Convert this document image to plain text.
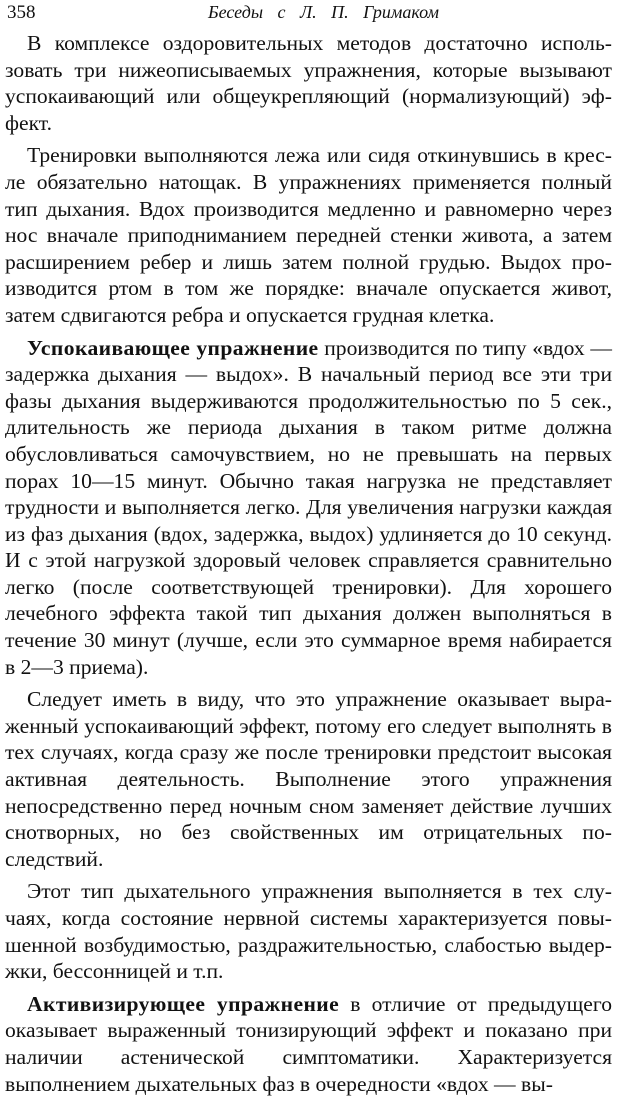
358	Беседы с Л. П. Гримаком

В комплексе оздоровительных методов достаточно использовать три нижеописываемых упражнения, которые вызывают успокаивающий или общеукрепляющий (нормализующий) эффект.

Тренировки выполняются лежа или сидя откинувшись в кресле обязательно натощак. В упражнениях применяется полный тип дыхания. Вдох производится медленно и равномерно через нос вначале приподниманием передней стенки живота, а затем расширением ребер и лишь затем полной грудью. Выдох производится ртом в том же порядке: вначале опускается живот, затем сдвигаются ребра и опускается грудная клетка.

Успокаивающее упражнение производится по типу «вдох — задержка дыхания — выдох». В начальный период все эти три фазы дыхания выдерживаются продолжительностью по 5 сек., длительность же периода дыхания в таком ритме должна обусловливаться самочувствием, но не превышать на первых порах 10—15 минут. Обычно такая нагрузка не представляет трудности и выполняется легко. Для увеличения нагрузки каждая из фаз дыхания (вдох, задержка, выдох) удлиняется до 10 секунд. И с этой нагрузкой здоровый человек справляется сравнительно легко (после соответствующей тренировки). Для хорошего лечебного эффекта такой тип дыхания должен выполняться в течение 30 минут (лучше, если это суммарное время набирается в 2—3 приема).

Следует иметь в виду, что это упражнение оказывает выраженный успокаивающий эффект, потому его следует выполнять в тех случаях, когда сразу же после тренировки предстоит высокая активная деятельность. Выполнение этого упражнения непосредственно перед ночным сном заменяет действие лучших снотворных, но без свойственных им отрицательных последствий.

Этот тип дыхательного упражнения выполняется в тех случаях, когда состояние нервной системы характеризуется повышенной возбудимостью, раздражительностью, слабостью выдержки, бессонницей и т.п.

Активизирующее упражнение в отличие от предыдущего оказывает выраженный тонизирующий эффект и показано при наличии астенической симптоматики. Характеризуется выполнением дыхательных фаз в очередности «вдох — вы-
